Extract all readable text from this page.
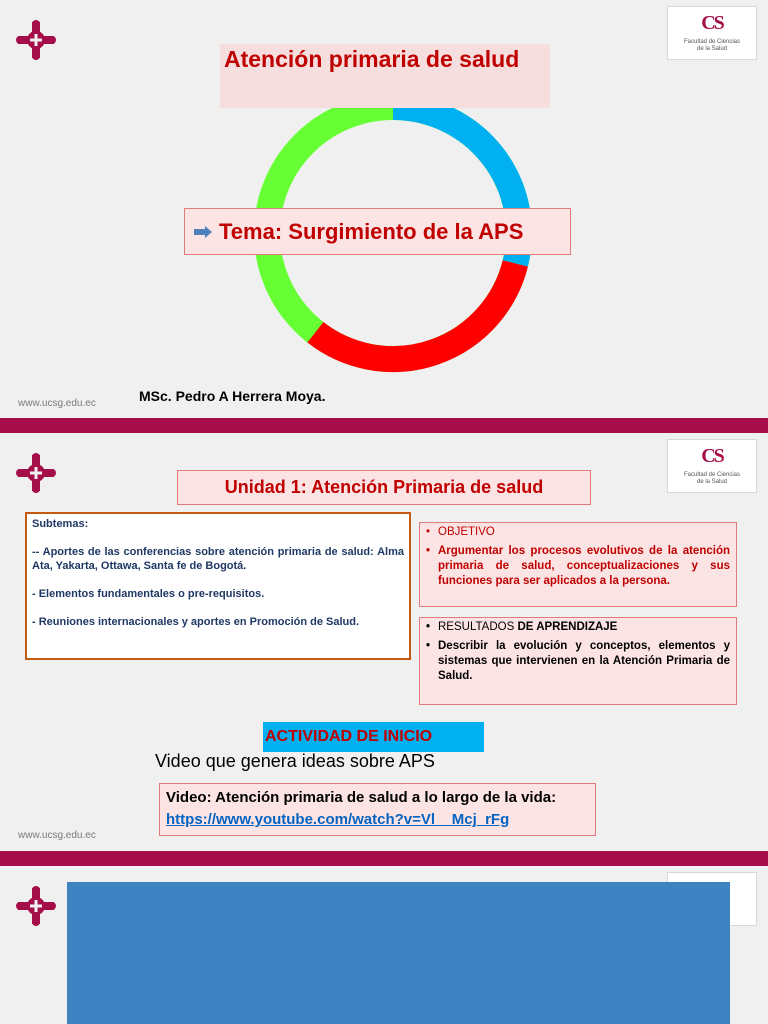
CS
Facultad de Ciencias
de la Salud
Atención primaria de salud
Tema: Surgimiento de la APS
www.ucsg.edu.ec	MSc. Pedro A Herrera Moya.
CS
Facultad de Ciencias
de la Salud
www.ucsg.edu.ec
Unidad 1: Atención Primaria de salud

Subtemas:

-- Aportes de las conferencias sobre atención primaria de salud: Alma Ata, Yakarta, Ottawa, Santa fe de Bogotá.

- Elementos fundamentales o pre-requisitos.

- Reuniones internacionales y aportes en Promoción de Salud.

• OBJETIVO
• Argumentar los procesos evolutivos de la atención primaria de salud, conceptualizaciones y sus funciones para ser aplicados a la persona.
• RESULTADOS DE APRENDIZAJE
• Describir la evolución y conceptos, elementos y sistemas que intervienen en la Atención Primaria de Salud.
ACTIVIDAD DE INICIO
Video que genera ideas sobre APS
Video: Atención primaria de salud a lo largo de la vida:
https://www.youtube.com/watch?v=Vl__Mcj_rFg
